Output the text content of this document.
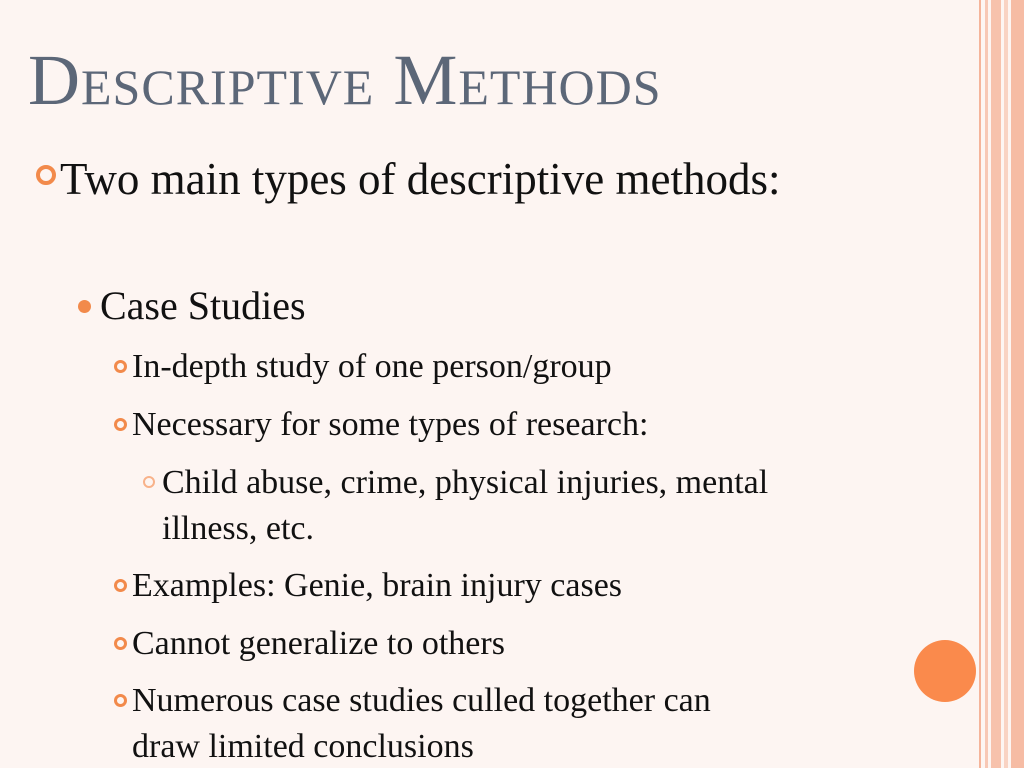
Descriptive Methods
Two main types of descriptive methods:
Case Studies
In-depth study of one person/group
Necessary for some types of research:
Child abuse, crime, physical injuries, mental
illness, etc.
Examples: Genie, brain injury cases
Cannot generalize to others
Numerous case studies culled together can
draw limited conclusions
